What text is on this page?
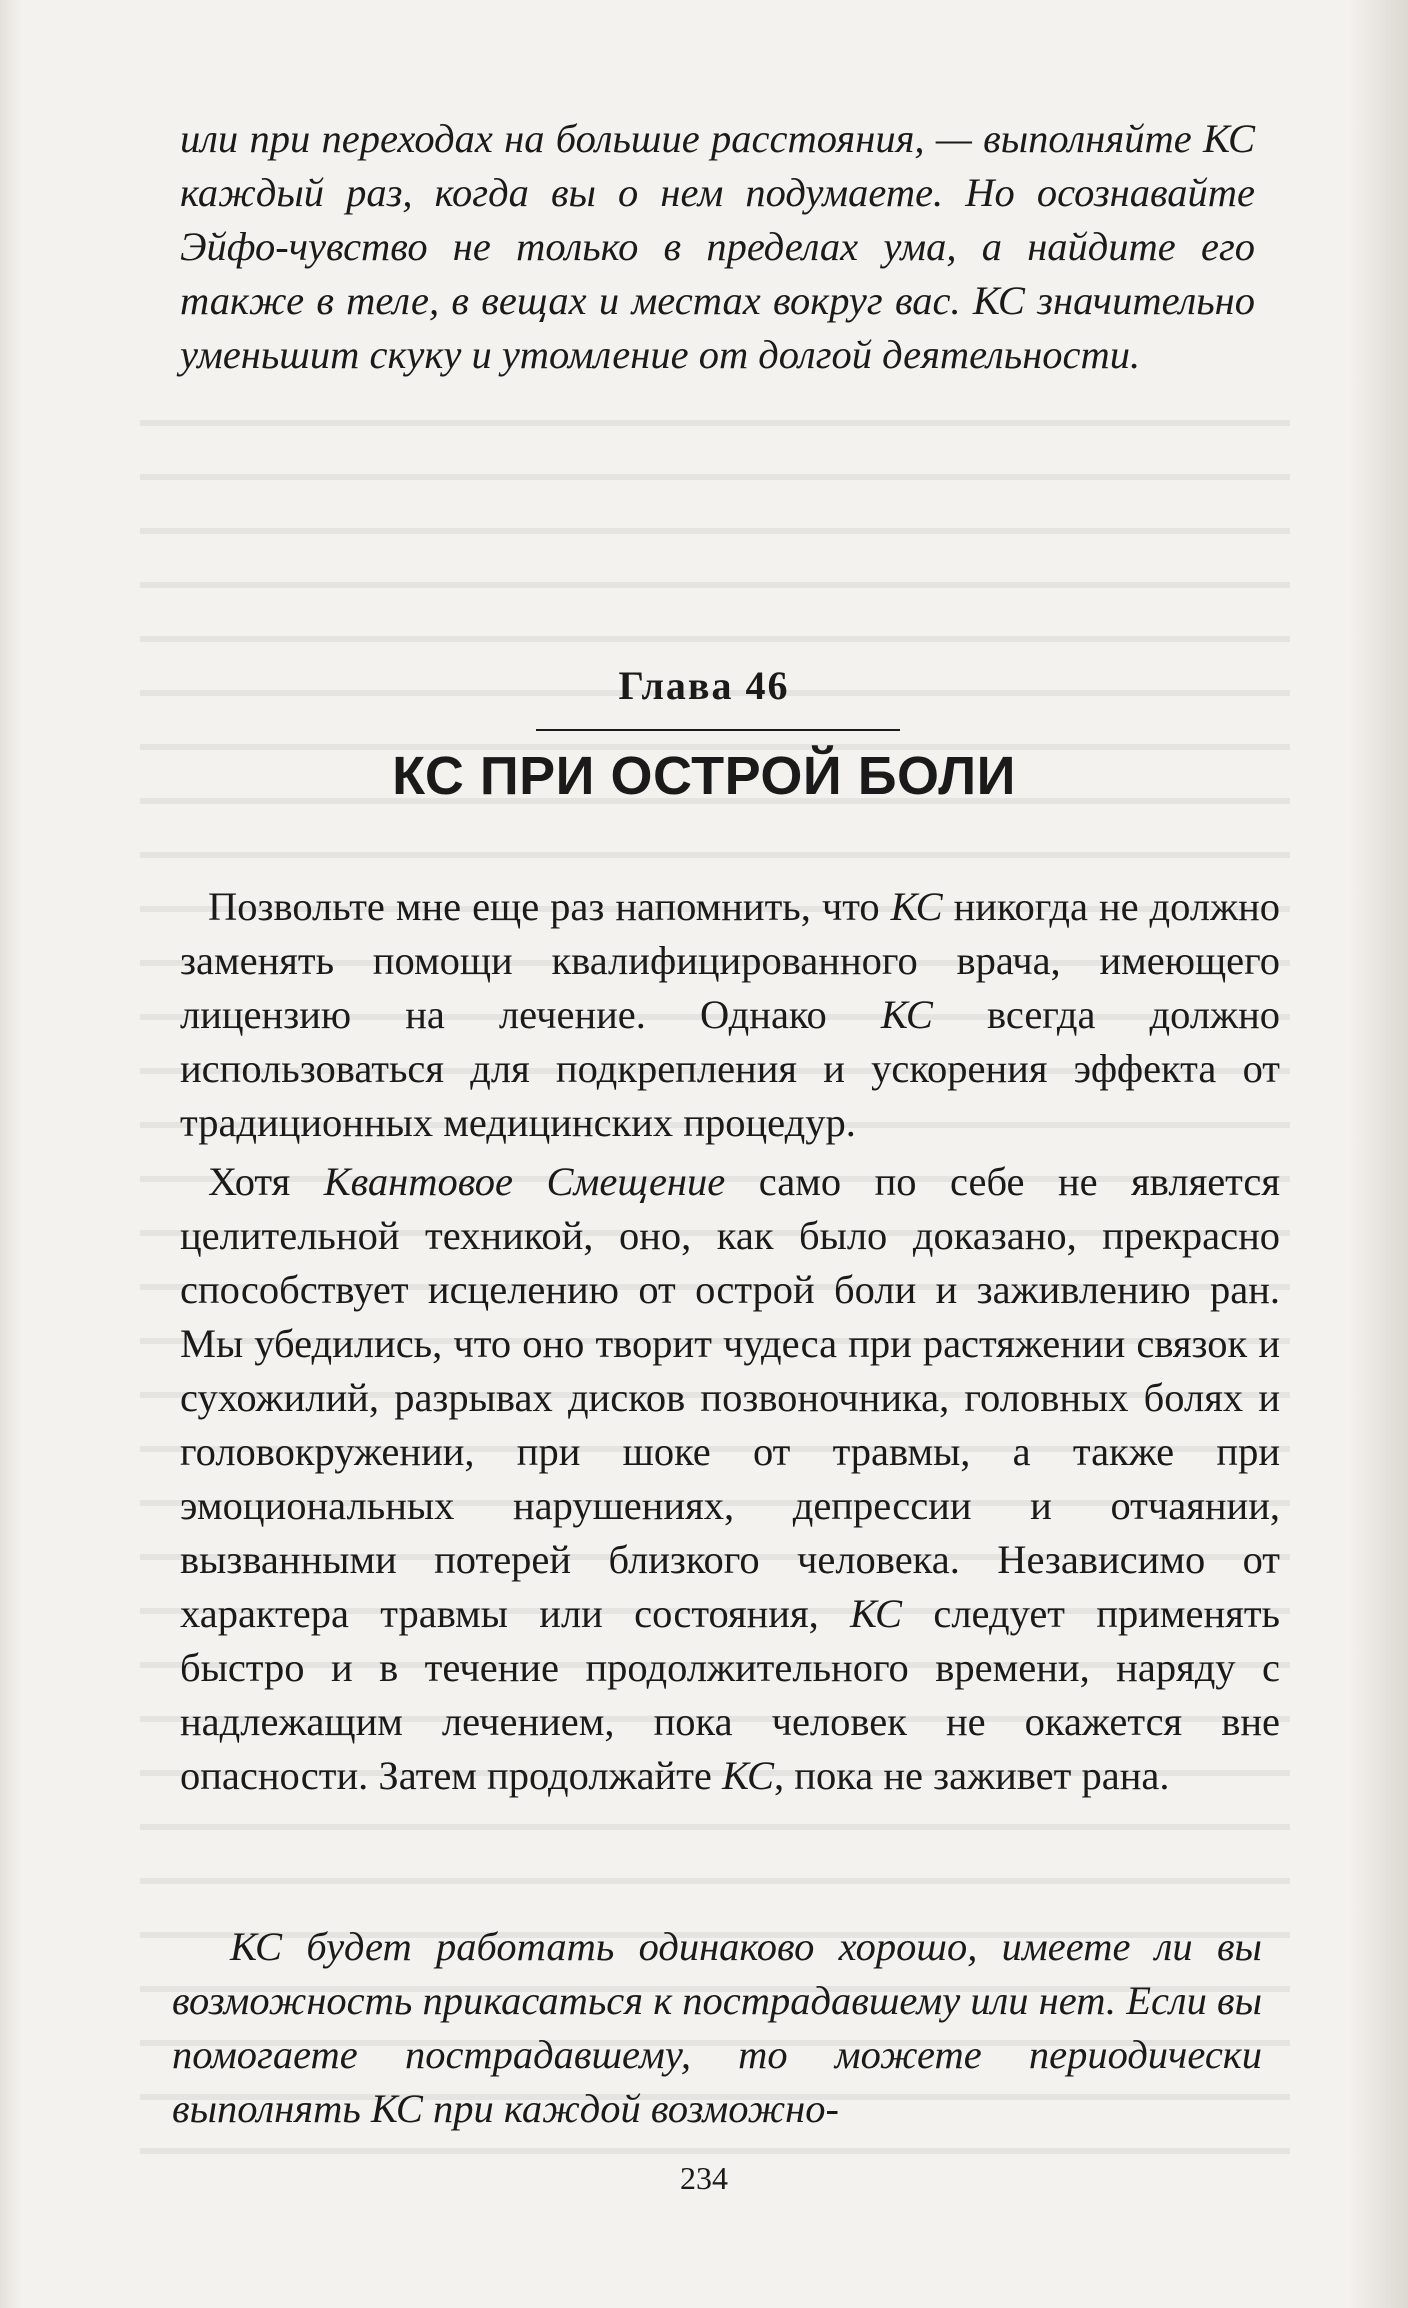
или при переходах на большие расстояния, — выполняйте КС каждый раз, когда вы о нем подумаете. Но осознавайте Эйфо-чувство не только в пределах ума, а найдите его также в теле, в вещах и местах вокруг вас. КС значительно уменьшит скуку и утомление от долгой деятельности.

Глава 46
КС ПРИ ОСТРОЙ БОЛИ

Позвольте мне еще раз напомнить, что КС никогда не должно заменять помощи квалифицированного врача, имеющего лицензию на лечение. Однако КС всегда должно использоваться для подкрепления и ускорения эффекта от традиционных медицинских процедур.

Хотя Квантовое Смещение само по себе не является целительной техникой, оно, как было доказано, прекрасно способствует исцелению от острой боли и заживлению ран. Мы убедились, что оно творит чудеса при растяжении связок и сухожилий, разрывах дисков позвоночника, головных болях и головокружении, при шоке от травмы, а также при эмоциональных нарушениях, депрессии и отчаянии, вызванными потерей близкого человека. Независимо от характера травмы или состояния, КС следует применять быстро и в течение продолжительного времени, наряду с надлежащим лечением, пока человек не окажется вне опасности. Затем продолжайте КС, пока не заживет рана.

КС будет работать одинаково хорошо, имеете ли вы возможность прикасаться к пострадавшему или нет. Если вы помогаете пострадавшему, то можете периодически выполнять КС при каждой возможно-

234
